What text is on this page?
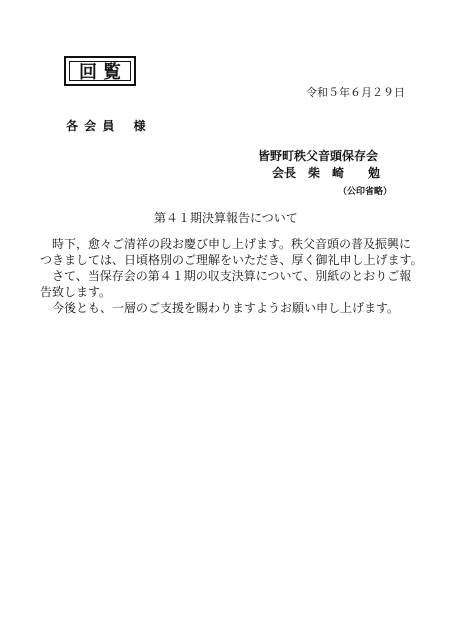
回覧
令和５年６月２９日
各 会 員　 様
皆野町秩父音頭保存会
会長　柴　崎　　勉
（公印省略）
第４１期決算報告について
　時下，愈々ご清祥の段お慶び申し上げます。秩父音頭の普及振興に
つきましては、日頃格別のご理解をいただき、厚く御礼申し上げます。
　さて、当保存会の第４１期の収支決算について、別紙のとおりご報
告致します。
　今後とも、一層のご支援を賜わりますようお願い申し上げます。
